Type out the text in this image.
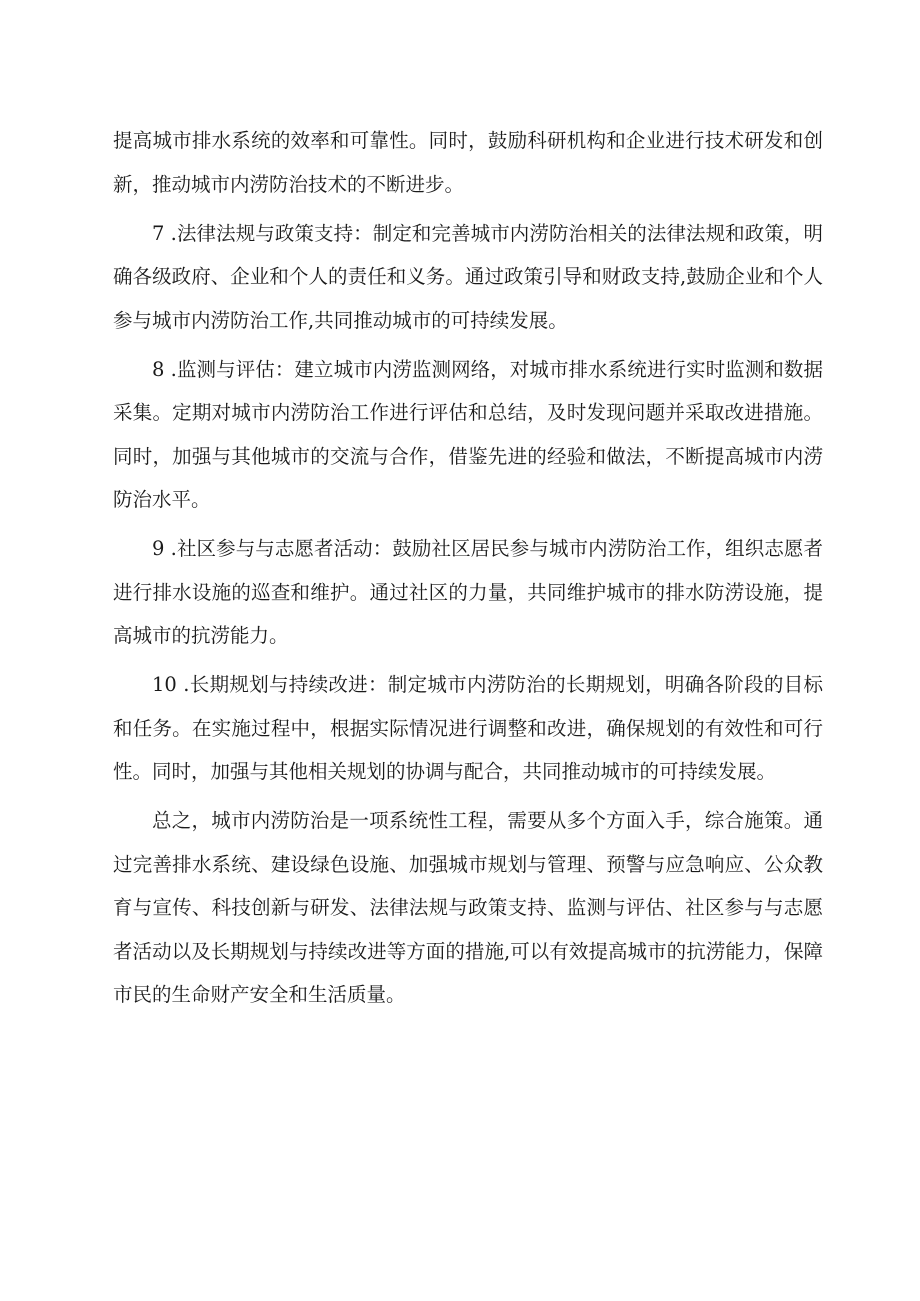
提高城市排水系统的效率和可靠性。同时，鼓励科研机构和企业进行技术研发和创新，推动城市内涝防治技术的不断进步。

7 .法律法规与政策支持：制定和完善城市内涝防治相关的法律法规和政策，明确各级政府、企业和个人的责任和义务。通过政策引导和财政支持,鼓励企业和个人参与城市内涝防治工作,共同推动城市的可持续发展。

8 .监测与评估：建立城市内涝监测网络，对城市排水系统进行实时监测和数据采集。定期对城市内涝防治工作进行评估和总结，及时发现问题并采取改进措施。同时，加强与其他城市的交流与合作，借鉴先进的经验和做法，不断提高城市内涝防治水平。

9 .社区参与与志愿者活动：鼓励社区居民参与城市内涝防治工作，组织志愿者进行排水设施的巡查和维护。通过社区的力量，共同维护城市的排水防涝设施，提高城市的抗涝能力。

10 .长期规划与持续改进：制定城市内涝防治的长期规划，明确各阶段的目标和任务。在实施过程中，根据实际情况进行调整和改进，确保规划的有效性和可行性。同时，加强与其他相关规划的协调与配合，共同推动城市的可持续发展。

总之，城市内涝防治是一项系统性工程，需要从多个方面入手，综合施策。通过完善排水系统、建设绿色设施、加强城市规划与管理、预警与应急响应、公众教育与宣传、科技创新与研发、法律法规与政策支持、监测与评估、社区参与与志愿者活动以及长期规划与持续改进等方面的措施,可以有效提高城市的抗涝能力，保障市民的生命财产安全和生活质量。
